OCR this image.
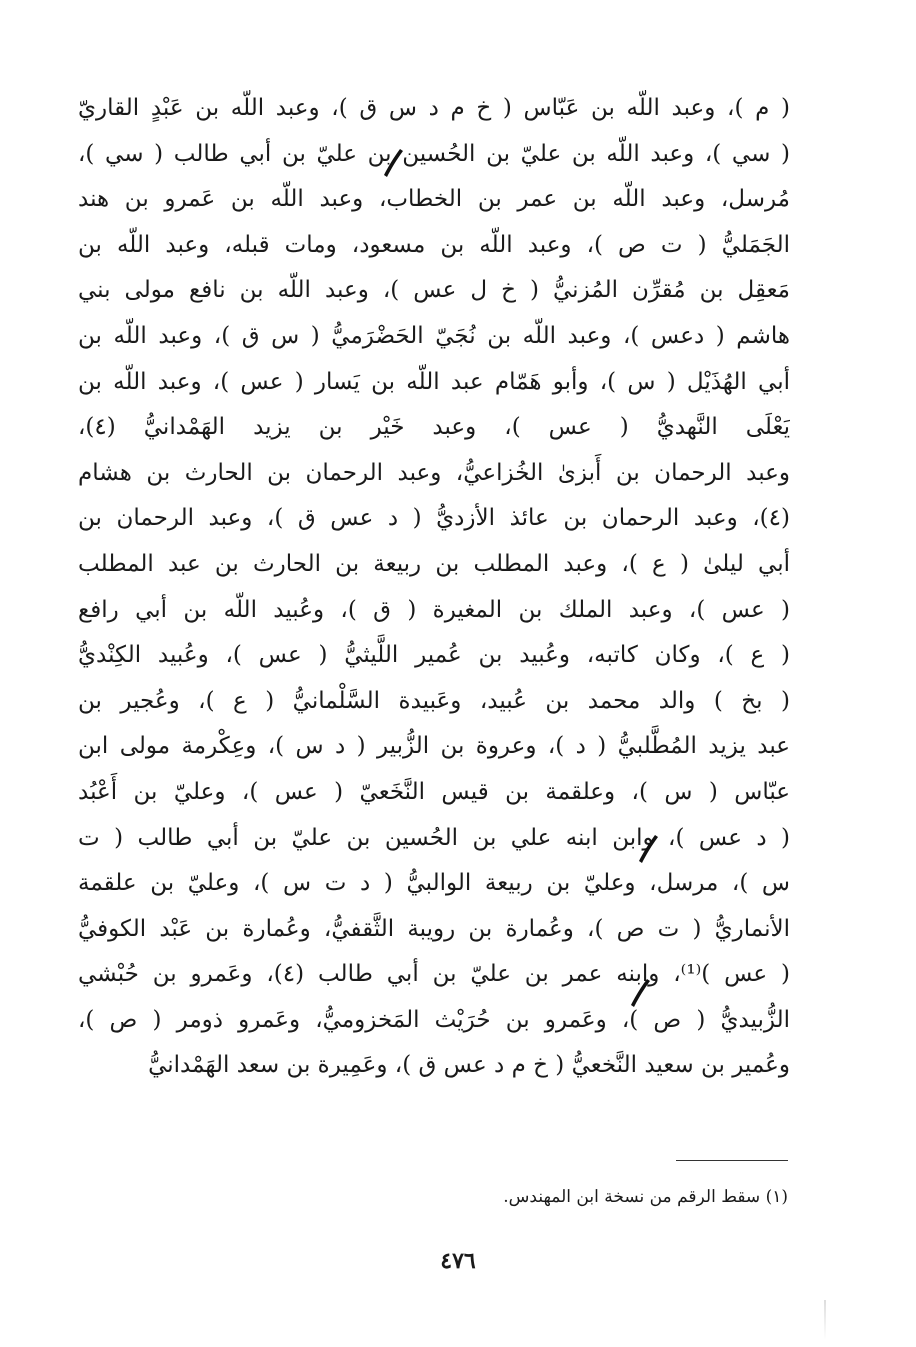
( م )، وعبد اللّه بن عَبّاس ( خ م د س ق )، وعبد اللّه بن عَبْدٍ القاريّ
( سي )، وعبد اللّه بن عليّ بن الحُسين بن عليّ بن أبي طالب ( سي )،
مُرسل، وعبد اللّه بن عمر بن الخطاب، وعبد اللّه بن عَمرو بن هند
الجَمَليُّ ( ت ص )، وعبد اللّه بن مسعود، ومات قبله، وعبد اللّه بن
مَعقِل بن مُقرِّن المُزنيُّ ( خ ل عس )، وعبد اللّه بن نافع مولى بني
هاشم ( دعس )، وعبد اللّه بن نُجَيّ الحَضْرَميُّ ( س ق )، وعبد اللّه بن
أبي الهُذَيْل ( س )، وأبو هَمّام عبد اللّه بن يَسار ( عس )، وعبد اللّه بن
يَعْلَى النَّهديُّ ( عس )، وعبد خَيْر بن يزيد الهَمْدانيُّ (٤)،
وعبد الرحمان بن أَبزىٰ الخُزاعيُّ، وعبد الرحمان بن الحارث بن هشام
(٤)، وعبد الرحمان بن عائذ الأزديُّ ( د عس ق )، وعبد الرحمان بن
أبي ليلىٰ ( ع )، وعبد المطلب بن ربيعة بن الحارث بن عبد المطلب
( عس )، وعبد الملك بن المغيرة ( ق )، وعُبيد اللّه بن أبي رافع
( ع )، وكان كاتبه، وعُبيد بن عُمير اللَّيثيُّ ( عس )، وعُبيد الكِنْديُّ
( بخ ) والد محمد بن عُبيد، وعَبيدة السَّلْمانيُّ ( ع )، وعُجير بن
عبد يزيد المُطَّلبيُّ ( د )، وعروة بن الزُّبير ( د س )، وعِكْرمة مولى ابن
عبّاس ( س )، وعلقمة بن قيس النَّخَعيّ ( عس )، وعليّ بن أَعْبُد
( د عس )، وابن ابنه علي بن الحُسين بن عليّ بن أبي طالب ( ت
س )، مرسل، وعليّ بن ربيعة الوالبيُّ ( د ت س )، وعليّ بن علقمة
الأنماريُّ ( ت ص )، وعُمارة بن رويبة الثَّقفيُّ، وعُمارة بن عَبْد الكوفيُّ
( عس )⁽¹⁾، وابنه عمر بن عليّ بن أبي طالب (٤)، وعَمرو بن حُبْشي
الزُّبيديُّ ( ص )، وعَمرو بن حُرَيْث المَخزوميُّ، وعَمرو ذومر ( ص )،
وعُمير بن سعيد النَّخعيُّ ( خ م د عس ق )، وعَمِيرة بن سعد الهَمْدانيُّ
(١) سقط الرقم من نسخة ابن المهندس.
٤٧٦
